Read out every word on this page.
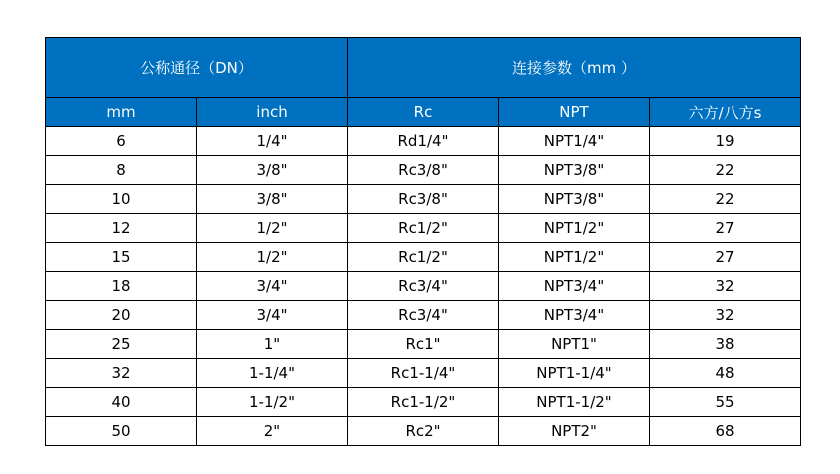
公称通径（DN）		连接参数（mm ）		
mm	inch	Rc	NPT	六方/八方s
6	1/4"	Rd1/4"	NPT1/4"	19
8	3/8"	Rc3/8"	NPT3/8"	22
10	3/8"	Rc3/8"	NPT3/8"	22
12	1/2"	Rc1/2"	NPT1/2"	27
15	1/2"	Rc1/2"	NPT1/2"	27
18	3/4"	Rc3/4"	NPT3/4"	32
20	3/4"	Rc3/4"	NPT3/4"	32
25	1"	Rc1"	NPT1"	38
32	1-1/4"	Rc1-1/4"	NPT1-1/4"	48
40	1-1/2"	Rc1-1/2"	NPT1-1/2"	55
50	2"	Rc2"	NPT2"	68
